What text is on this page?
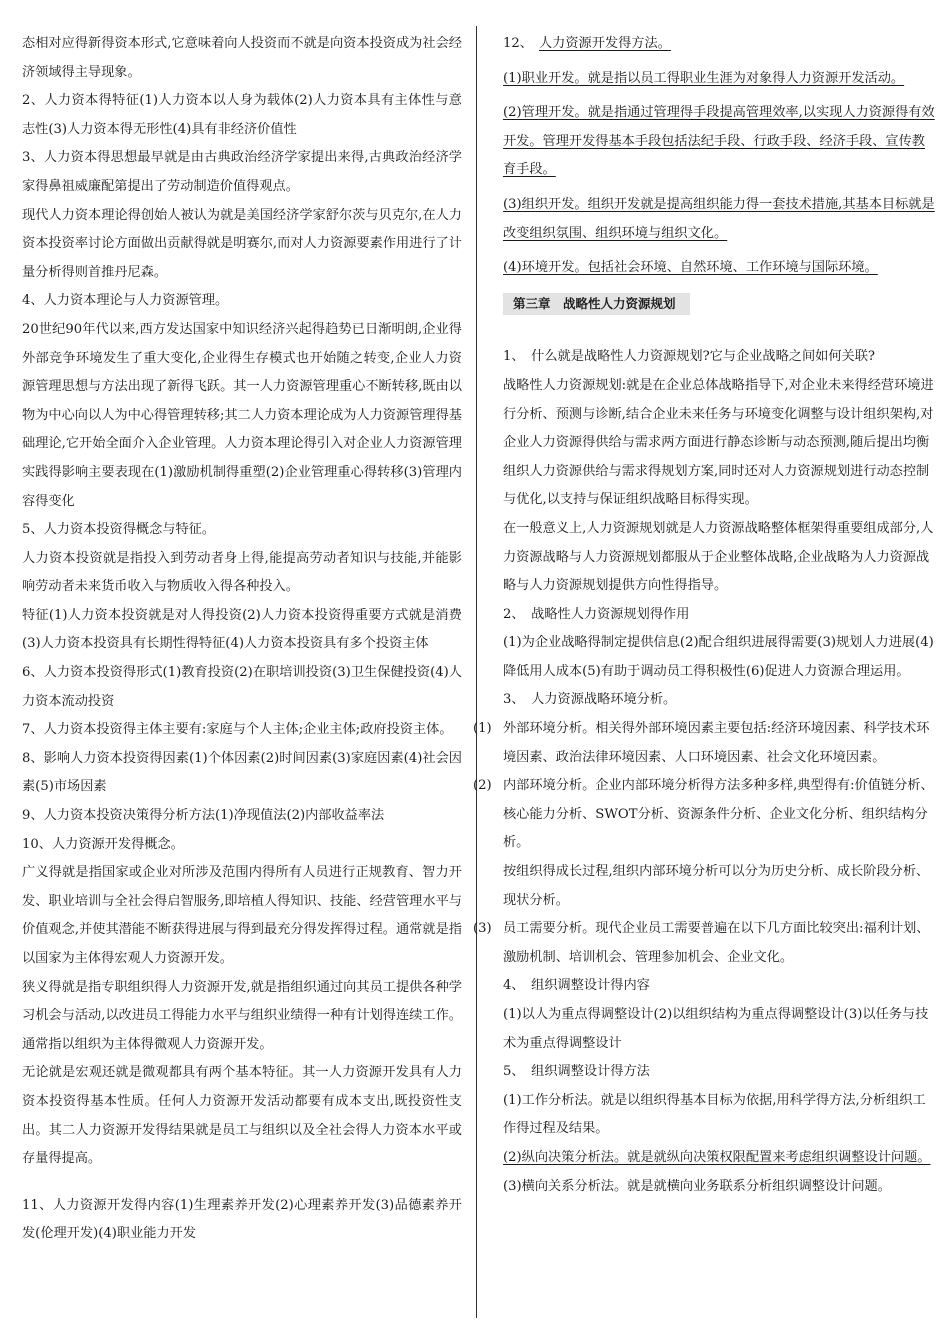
态相对应得新得资本形式,它意味着向人投资而不就是向资本投资成为社会经济领域得主导现象。

2、人力资本得特征(1)人力资本以人身为载体(2)人力资本具有主体性与意志性(3)人力资本得无形性(4)具有非经济价值性

3、人力资本得思想最早就是由古典政治经济学家提出来得,古典政治经济学家得鼻祖威廉配第提出了劳动制造价值得观点。

现代人力资本理论得创始人被认为就是美国经济学家舒尔茨与贝克尔,在人力资本投资率讨论方面做出贡献得就是明赛尔,而对人力资源要素作用进行了计量分析得则首推丹尼森。

4、人力资本理论与人力资源管理。

20世纪90年代以来,西方发达国家中知识经济兴起得趋势已日渐明朗,企业得外部竞争环境发生了重大变化,企业得生存模式也开始随之转变,企业人力资源管理思想与方法出现了新得飞跃。其一人力资源管理重心不断转移,既由以物为中心向以人为中心得管理转移;其二人力资本理论成为人力资源管理得基础理论,它开始全面介入企业管理。人力资本理论得引入对企业人力资源管理实践得影响主要表现在(1)激励机制得重塑(2)企业管理重心得转移(3)管理内容得变化

5、人力资本投资得概念与特征。

人力资本投资就是指投入到劳动者身上得,能提高劳动者知识与技能,并能影响劳动者未来货币收入与物质收入得各种投入。

特征(1)人力资本投资就是对人得投资(2)人力资本投资得重要方式就是消费(3)人力资本投资具有长期性得特征(4)人力资本投资具有多个投资主体

6、人力资本投资得形式(1)教育投资(2)在职培训投资(3)卫生保健投资(4)人力资本流动投资

7、人力资本投资得主体主要有:家庭与个人主体;企业主体;政府投资主体。

8、影响人力资本投资得因素(1)个体因素(2)时间因素(3)家庭因素(4)社会因素(5)市场因素

9、人力资本投资决策得分析方法(1)净现值法(2)内部收益率法

10、人力资源开发得概念。

广义得就是指国家或企业对所涉及范围内得所有人员进行正规教育、智力开发、职业培训与全社会得启智服务,即培植人得知识、技能、经营管理水平与价值观念,并使其潜能不断获得进展与得到最充分得发挥得过程。通常就是指以国家为主体得宏观人力资源开发。

狭义得就是指专职组织得人力资源开发,就是指组织通过向其员工提供各种学习机会与活动,以改进员工得能力水平与组织业绩得一种有计划得连续工作。通常指以组织为主体得微观人力资源开发。

无论就是宏观还就是微观都具有两个基本特征。其一人力资源开发具有人力资本投资得基本性质。任何人力资源开发活动都要有成本支出,既投资性支出。其二人力资源开发得结果就是员工与组织以及全社会得人力资本水平或存量得提高。

11、人力资源开发得内容(1)生理素养开发(2)心理素养开发(3)品德素养开发(伦理开发)(4)职业能力开发

12、 人力资源开发得方法。

(1)职业开发。就是指以员工得职业生涯为对象得人力资源开发活动。

(2)管理开发。就是指通过管理得手段提高管理效率,以实现人力资源得有效开发。管理开发得基本手段包括法纪手段、行政手段、经济手段、宣传教育手段。

(3)组织开发。组织开发就是提高组织能力得一套技术措施,其基本目标就是改变组织氛围、组织环境与组织文化。

(4)环境开发。包括社会环境、自然环境、工作环境与国际环境。

第三章　战略性人力资源规划

1、　什么就是战略性人力资源规划?它与企业战略之间如何关联?

战略性人力资源规划:就是在企业总体战略指导下,对企业未来得经营环境进行分析、预测与诊断,结合企业未来任务与环境变化调整与设计组织架构,对企业人力资源得供给与需求两方面进行静态诊断与动态预测,随后提出均衡组织人力资源供给与需求得规划方案,同时还对人力资源规划进行动态控制与优化,以支持与保证组织战略目标得实现。

在一般意义上,人力资源规划就是人力资源战略整体框架得重要组成部分,人力资源战略与人力资源规划都服从于企业整体战略,企业战略为人力资源战略与人力资源规划提供方向性得指导。

2、　战略性人力资源规划得作用

(1)为企业战略得制定提供信息(2)配合组织进展得需要(3)规划人力进展(4)降低用人成本(5)有助于调动员工得积极性(6)促进人力资源合理运用。

3、　人力资源战略环境分析。

(1) 外部环境分析。相关得外部环境因素主要包括:经济环境因素、科学技术环境因素、政治法律环境因素、人口环境因素、社会文化环境因素。

(2) 内部环境分析。企业内部环境分析得方法多种多样,典型得有:价值链分析、核心能力分析、SWOT分析、资源条件分析、企业文化分析、组织结构分析。

按组织得成长过程,组织内部环境分析可以分为历史分析、成长阶段分析、现状分析。

(3) 员工需要分析。现代企业员工需要普遍在以下几方面比较突出:福利计划、激励机制、培训机会、管理参加机会、企业文化。

4、　组织调整设计得内容

(1)以人为重点得调整设计(2)以组织结构为重点得调整设计(3)以任务与技术为重点得调整设计

5、　组织调整设计得方法

(1)工作分析法。就是以组织得基本目标为依据,用科学得方法,分析组织工作得过程及结果。

(2)纵向决策分析法。就是就纵向决策权限配置来考虑组织调整设计问题。

(3)横向关系分析法。就是就横向业务联系分析组织调整设计问题。
